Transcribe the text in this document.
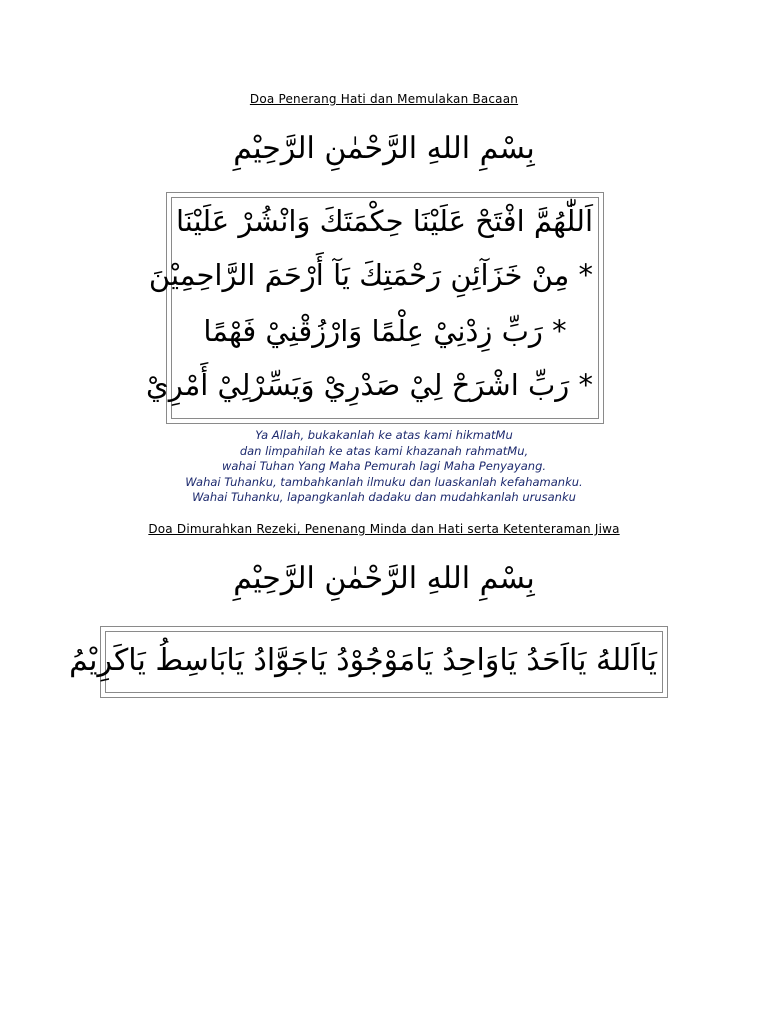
Doa Penerang Hati dan Memulakan Bacaan
بِسْمِ اللهِ الرَّحْمٰنِ الرَّحِيْمِ
اَللّٰهُمَّ افْتَحْ عَلَيْنَا حِكْمَتَكَ وَانْشُرْ عَلَيْنَا
* مِنْ خَزَآئِنِ رَحْمَتِكَ يَآ أَرْحَمَ الرَّاحِمِيْنَ
* رَبِّ زِدْنِيْ عِلْمًا وَارْزُقْنِيْ فَهْمًا
* رَبِّ اشْرَحْ لِيْ صَدْرِيْ وَيَسِّرْلِيْ أَمْرِيْ
Ya Allah, bukakanlah ke atas kami hikmatMu
dan limpahilah ke atas kami khazanah rahmatMu,
wahai Tuhan Yang Maha Pemurah lagi Maha Penyayang.
Wahai Tuhanku, tambahkanlah ilmuku dan luaskanlah kefahamanku.
Wahai Tuhanku, lapangkanlah dadaku dan mudahkanlah urusanku
Doa Dimurahkan Rezeki, Penenang Minda dan Hati serta Ketenteraman Jiwa
بِسْمِ اللهِ الرَّحْمٰنِ الرَّحِيْمِ
يَااَللهُ يَااَحَدُ يَاوَاحِدُ يَامَوْجُوْدُ يَاجَوَّادُ يَابَاسِطُ يَاكَرِيْمُ
